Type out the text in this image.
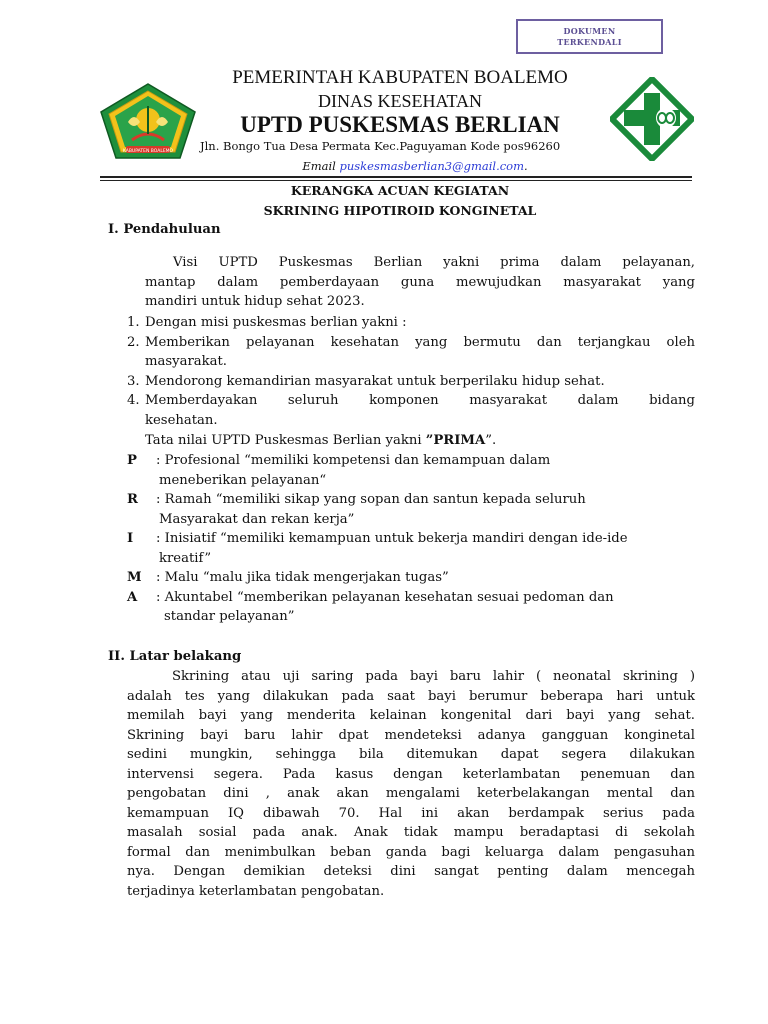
DOKUMEN
TERKENDALI
KABUPATEN BOALEMO
PEMERINTAH KABUPATEN BOALEMO
DINAS KESEHATAN
UPTD PUSKESMAS BERLIAN
Jln. Bongo Tua Desa Permata Kec.Paguyaman Kode pos96260
Email puskesmasberlian3@gmail.com.
KERANGKA ACUAN KEGIATAN
SKRINING HIPOTIROID KONGINETAL
I. Pendahuluan
Visi UPTD Puskesmas Berlian yakni prima dalam pelayanan,
mantap dalam pemberdayaan guna mewujudkan masyarakat yang
mandiri untuk hidup sehat 2023.
1. Dengan misi puskesmas berlian yakni :
2. Memberikan pelayanan kesehatan yang bermutu dan terjangkau oleh
masyarakat.
3. Mendorong kemandirian masyarakat untuk berperilaku hidup sehat.
4. Memberdayakan seluruh komponen masyarakat dalam bidang
kesehatan.
Tata nilai UPTD Puskesmas Berlian yakni ”PRIMA”.
P	: Profesional “memiliki kompetensi dan kemampuan dalam
meneberikan pelayanan“
R	: Ramah “memiliki sikap yang sopan dan santun kepada seluruh
Masyarakat dan rekan kerja”
I	: Inisiatif “memiliki kemampuan untuk bekerja mandiri dengan ide-ide
kreatif”
M	: Malu “malu jika tidak mengerjakan tugas”
A	: Akuntabel “memberikan pelayanan kesehatan sesuai pedoman dan
standar pelayanan”
II. Latar belakang
Skrining atau uji saring pada bayi baru lahir ( neonatal skrining )
adalah tes yang dilakukan pada saat bayi berumur beberapa hari untuk
memilah bayi yang menderita kelainan kongenital dari bayi yang sehat.
Skrining bayi baru lahir dpat mendeteksi adanya gangguan konginetal
sedini mungkin, sehingga bila ditemukan dapat segera dilakukan
intervensi segera. Pada kasus dengan keterlambatan penemuan dan
pengobatan dini , anak akan mengalami keterbelakangan mental dan
kemampuan IQ dibawah 70. Hal ini akan berdampak serius pada
masalah sosial pada anak. Anak tidak mampu beradaptasi di sekolah
formal dan menimbulkan beban ganda bagi keluarga dalam pengasuhan
nya. Dengan demikian deteksi dini sangat penting dalam mencegah
terjadinya keterlambatan pengobatan.
